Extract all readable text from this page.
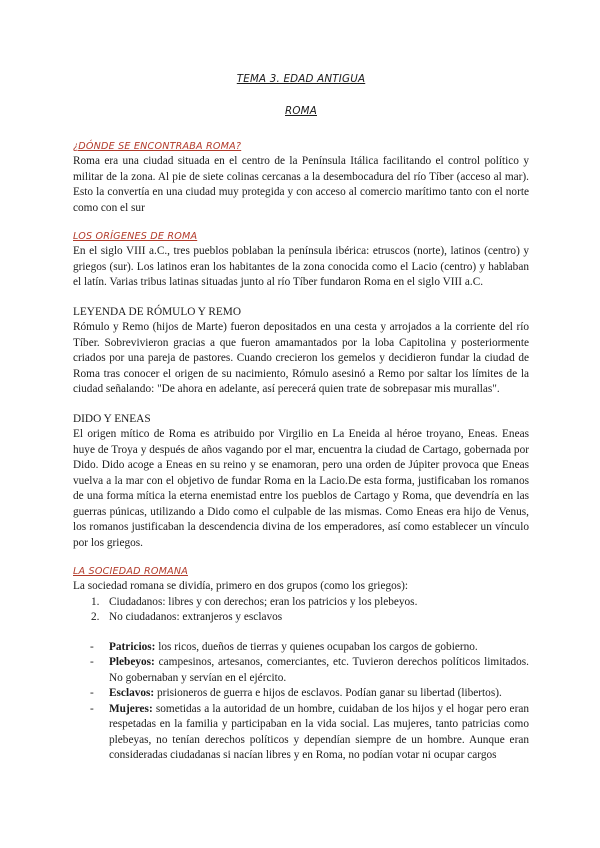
TEMA 3. EDAD ANTIGUA
ROMA
¿DÓNDE SE ENCONTRABA ROMA?

Roma era una ciudad situada en el centro de la Península Itálica facilitando el control político y militar de la zona. Al pie de siete colinas cercanas a la desembocadura del río Tíber (acceso al mar). Esto la convertía en una ciudad muy protegida y con acceso al comercio marítimo tanto con el norte como con el sur

LOS ORÍGENES DE ROMA

En el siglo VIII a.C., tres pueblos poblaban la península ibérica: etruscos (norte), latinos (centro) y griegos (sur). Los latinos eran los habitantes de la zona conocida como el Lacio (centro) y hablaban el latín. Varias tribus latinas situadas junto al río Tíber fundaron Roma en el siglo VIII a.C.

LEYENDA DE RÓMULO Y REMO

Rómulo y Remo (hijos de Marte) fueron depositados en una cesta y arrojados a la corriente del río Tíber. Sobrevivieron gracias a que fueron amamantados por la loba Capitolina y posteriormente criados por una pareja de pastores. Cuando crecieron los gemelos y decidieron fundar la ciudad de Roma tras conocer el origen de su nacimiento, Rómulo asesinó a Remo por saltar los límites de la ciudad señalando: "De ahora en adelante, así perecerá quien trate de sobrepasar mis murallas".

DIDO Y ENEAS

El origen mítico de Roma es atribuido por Virgilio en La Eneida al héroe troyano, Eneas. Eneas huye de Troya y después de años vagando por el mar, encuentra la ciudad de Cartago, gobernada por Dido. Dido acoge a Eneas en su reino y se enamoran, pero una orden de Júpiter provoca que Eneas vuelva a la mar con el objetivo de fundar Roma en la Lacio.De esta forma, justificaban los romanos de una forma mítica la eterna enemistad entre los pueblos de Cartago y Roma, que devendría en las guerras púnicas, utilizando a Dido como el culpable de las mismas. Como Eneas era hijo de Venus, los romanos justificaban la descendencia divina de los emperadores, así como establecer un vínculo por los griegos.

LA SOCIEDAD ROMANA

La sociedad romana se dividía, primero en dos grupos (como los griegos):

1. Ciudadanos: libres y con derechos; eran los patricios y los plebeyos.
2. No ciudadanos: extranjeros y esclavos
- Patricios: los ricos, dueños de tierras y quienes ocupaban los cargos de gobierno.
- Plebeyos: campesinos, artesanos, comerciantes, etc. Tuvieron derechos políticos limitados. No gobernaban y servían en el ejército.
- Esclavos: prisioneros de guerra e hijos de esclavos. Podían ganar su libertad (libertos).
- Mujeres: sometidas a la autoridad de un hombre, cuidaban de los hijos y el hogar pero eran respetadas en la familia y participaban en la vida social. Las mujeres, tanto patricias como plebeyas, no tenían derechos políticos y dependían siempre de un hombre. Aunque eran consideradas ciudadanas si nacían libres y en Roma, no podían votar ni ocupar cargos
